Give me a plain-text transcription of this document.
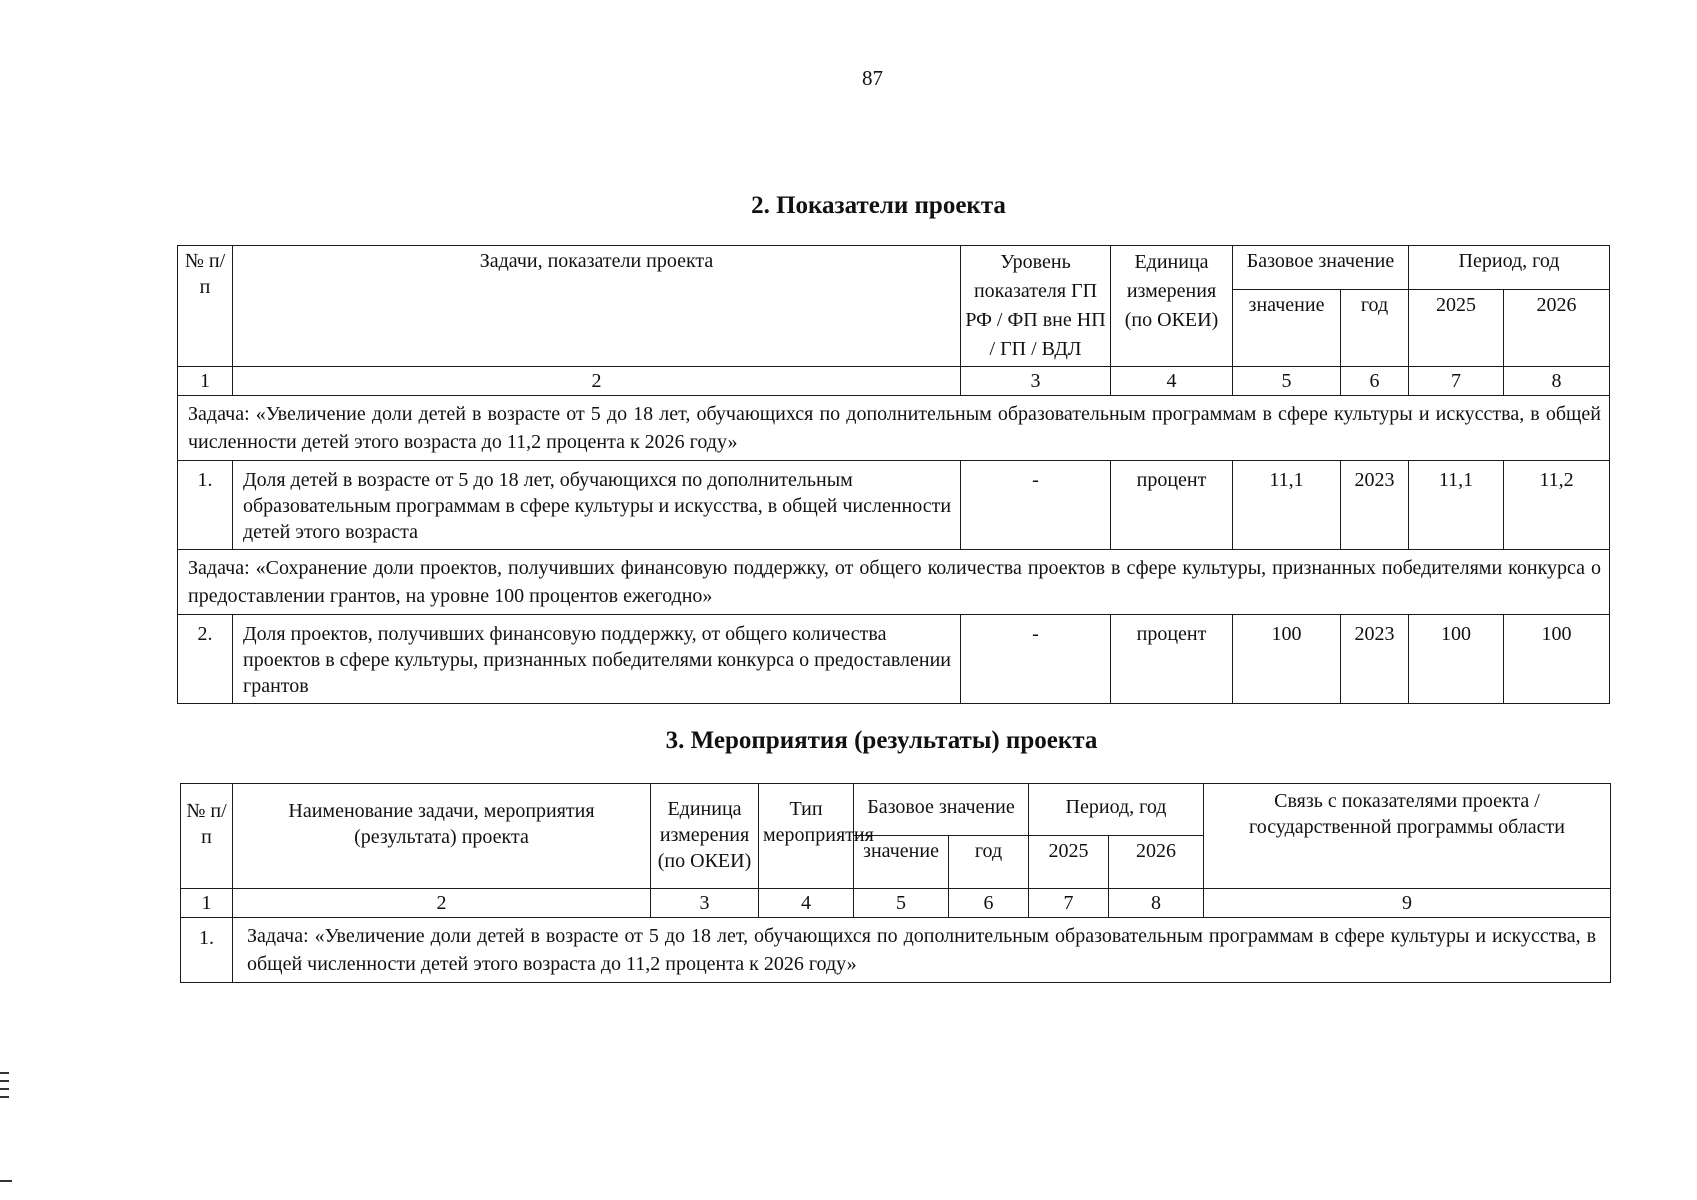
87
2. Показатели проекта
№ п/п	Задачи, показатели проекта	Уровень показателя ГП РФ / ФП вне НП / ГП / ВДЛ	Единица измерения (по ОКЕИ)	Базовое значение		Период, год	
				значение	год	2025	2026
1	2	3	4	5	6	7	8
Задача: «Увеличение доли детей в возрасте от 5 до 18 лет, обучающихся по дополнительным образовательным программам в сфере культуры и искусства, в общей численности детей этого возраста до 11,2 процента к 2026 году»							
1.	Доля детей в возрасте от 5 до 18 лет, обучающихся по дополнительным образовательным программам в сфере культуры и искусства, в общей численности детей этого возраста	-	процент	11,1	2023	11,1	11,2
Задача: «Сохранение доли проектов, получивших финансовую поддержку, от общего количества проектов в сфере культуры, признанных победителями конкурса о предоставлении грантов, на уровне 100 процентов ежегодно»							
2.	Доля проектов, получивших финансовую поддержку, от общего количества проектов в сфере культуры, признанных победителями конкурса о предоставлении грантов	-	процент	100	2023	100	100
3. Мероприятия (результаты) проекта
№ п/п	Наименование задачи, мероприятия (результата) проекта	Единица измерения (по ОКЕИ)	Тип мероприятия	Базовое значение		Период, год		Связь с показателями проекта / государственной программы области
				значение	год	2025	2026	
1	2	3	4	5	6	7	8	9
1.	Задача: «Увеличение доли детей в возрасте от 5 до 18 лет, обучающихся по дополнительным образовательным программам в сфере культуры и искусства, в общей численности детей этого возраста до 11,2 процента к 2026 году»							
